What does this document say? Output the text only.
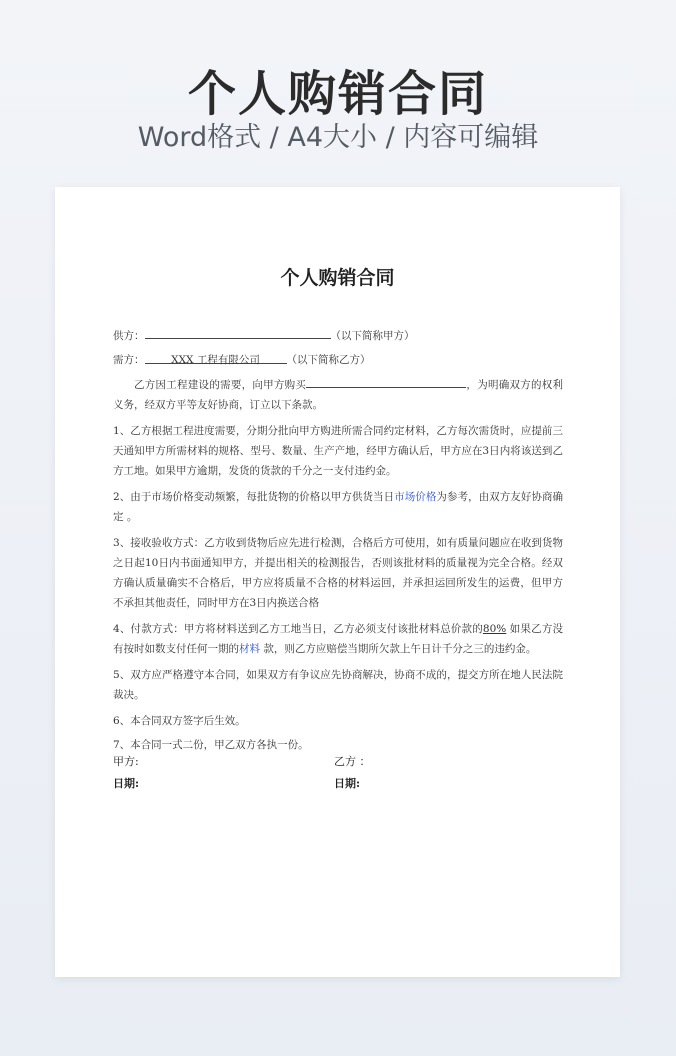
个人购销合同
Word格式 / A4大小 / 内容可编辑
个人购销合同
供方：	（以下简称甲方）
需方：	XXX 工程有限公司	（以下简称乙方）

乙方因工程建设的需要，向甲方购买	，为明确双方的权利义务，经双方平等友好协商，订立以下条款。

1、乙方根据工程进度需要，分期分批向甲方购进所需合同约定材料，乙方每次需货时，应提前三天通知甲方所需材料的规格、型号、数量、生产产地，经甲方确认后，甲方应在3日内将该送到乙方工地。如果甲方逾期，发货的货款的千分之一支付违约金。

2、由于市场价格变动频繁，每批货物的价格以甲方供货当日市场价格为参考，由双方友好协商确定 。

3、接收验收方式：乙方收到货物后应先进行检测，合格后方可使用，如有质量问题应在收到货物之日起10日内书面通知甲方，并提出相关的检测报告，否则该批材料的质量视为完全合格。经双方确认质量确实不合格后，甲方应将质量不合格的材料运回，并承担运回所发生的运费，但甲方不承担其他责任，同时甲方在3日内换送合格

4、付款方式：甲方将材料送到乙方工地当日，乙方必须支付该批材料总价款的80% 如果乙方没有按时如数支付任何一期的材料 款，则乙方应赔偿当期所欠款上午日计千分之三的违约金。

5、双方应严格遵守本合同，如果双方有争议应先协商解决，协商不成的，提交方所在地人民法院裁决。

6、本合同双方签字后生效。

7、本合同一式二份，甲乙双方各执一份。

甲方:	乙方 ：
日期:	日期:
